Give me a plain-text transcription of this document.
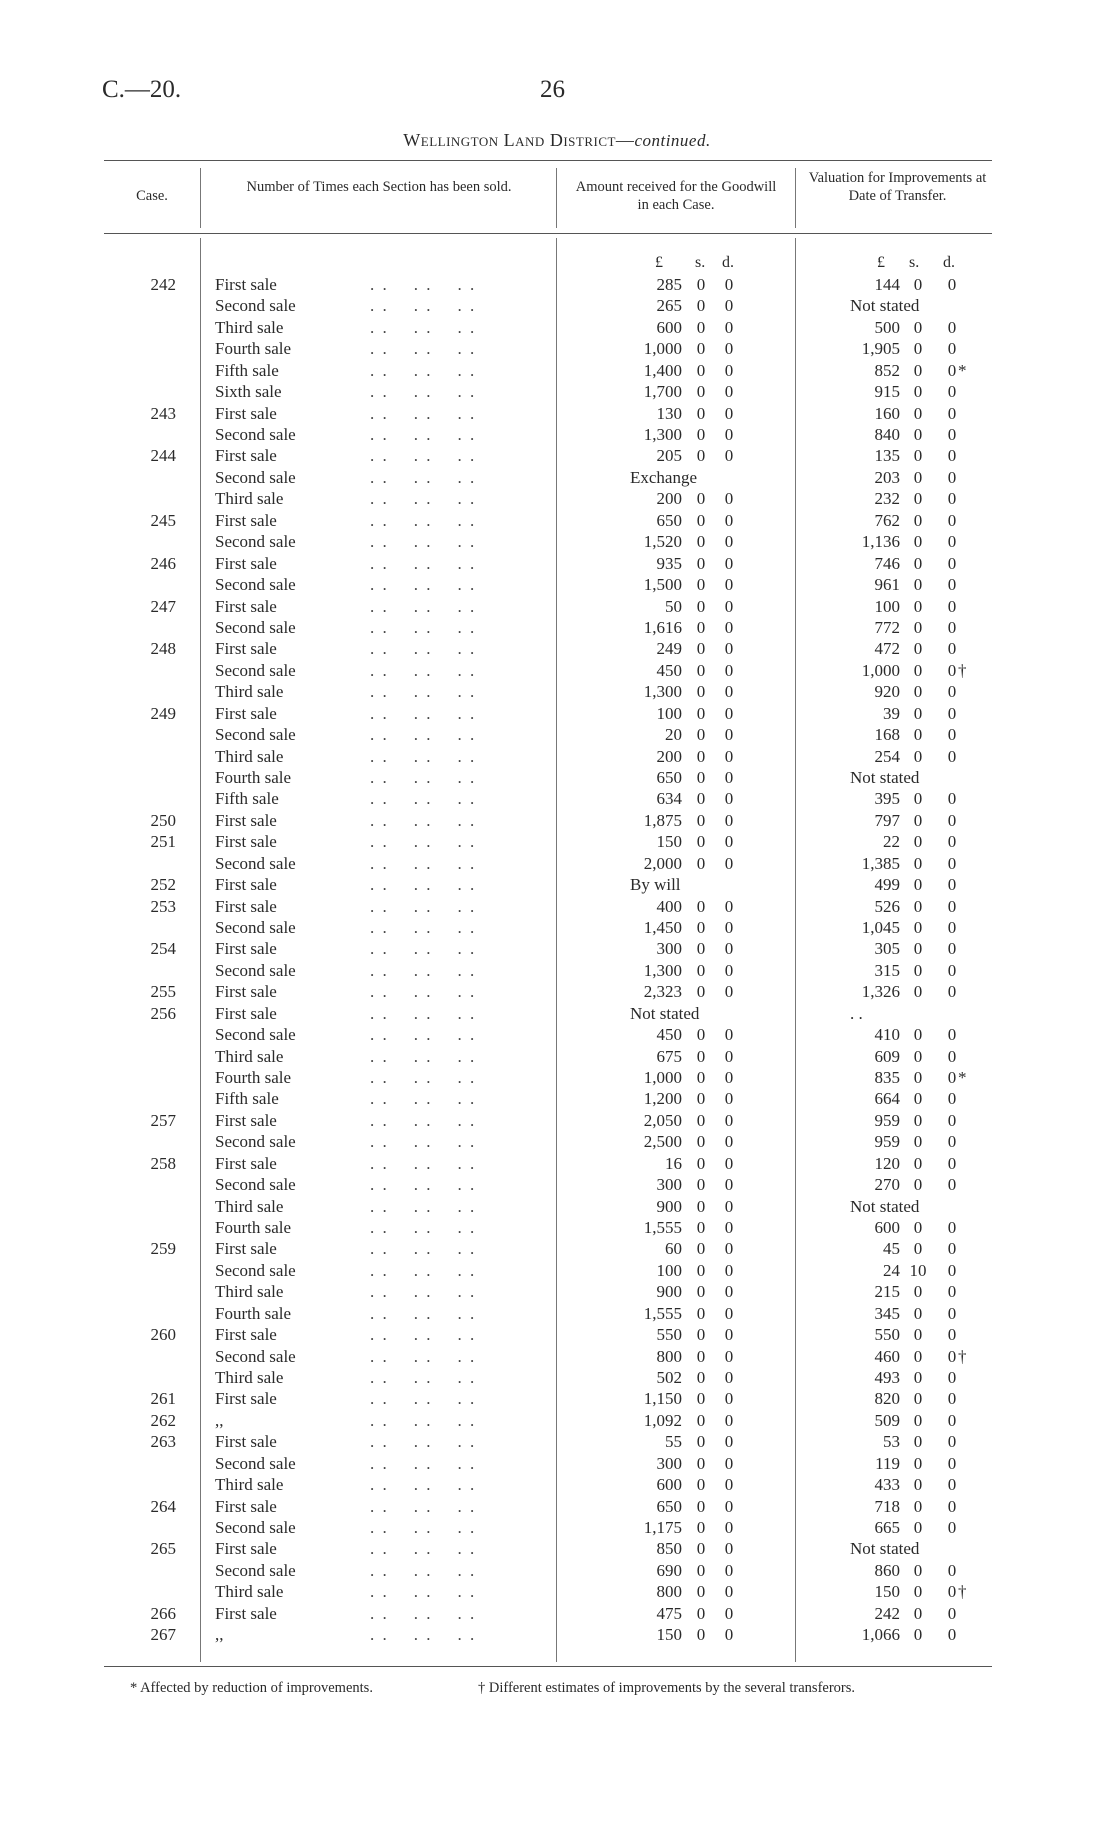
C.—20.	26
Wellington Land District—continued.
Case.
Number of Times each Section has been sold.	Amount received for the Goodwill in each Case.
Valuation for Improvements at Date of Transfer.
£ s. d.	£ s. d.
242 First sale	. .    . .    . .	285 0 0	144 0	0
Second sale	. .    . .    . .	265 0 0	Not stated
Third sale	. .    . .    . .	600 0 0	500 0	0
Fourth sale	. .    . .    . .	1,000 0 0	1,905 0	0
Fifth sale	. .    . .    . .	1,400 0 0	852 0	0 *
Sixth sale	. .    . .    . .	1,700 0 0	915 0	0
243 First sale	. .    . .    . .	130 0 0	160 0	0
Second sale	. .    . .    . .	1,300 0 0	840 0	0
244 First sale	. .    . .    . .	205 0 0	135 0	0
Second sale	. .    . .    . .	Exchange	203 0	0
Third sale	. .    . .    . .	200 0 0	232 0	0
245 First sale	. .    . .    . .	650 0 0	762 0	0
Second sale	. .    . .    . .	1,520 0 0	1,136 0	0
246 First sale	. .    . .    . .	935 0 0	746 0	0
Second sale	. .    . .    . .	1,500 0 0	961 0	0
247 First sale	. .    . .    . .	50 0 0	100 0	0
Second sale	. .    . .    . .	1,616 0 0	772 0	0
248 First sale	. .    . .    . .	249 0 0	472 0	0
Second sale	. .    . .    . .	450 0 0	1,000 0	0 †
Third sale	. .    . .    . .	1,300 0 0	920 0	0
249 First sale	. .    . .    . .	100 0 0	39 0	0
Second sale	. .    . .    . .	20 0 0	168 0	0
Third sale	. .    . .    . .	200 0 0	254 0	0
Fourth sale	. .    . .    . .	650 0 0	Not stated
Fifth sale	. .    . .    . .	634 0 0	395 0	0
250 First sale	. .    . .    . .	1,875 0 0	797 0	0
251 First sale	. .    . .    . .	150 0 0	22 0	0
Second sale	. .    . .    . .	2,000 0 0	1,385 0	0
252 First sale	. .    . .    . .	By will	499 0	0
253 First sale	. .    . .    . .	400 0 0	526 0	0
Second sale	. .    . .    . .	1,450 0 0	1,045 0	0
254 First sale	. .    . .    . .	300 0 0	305 0	0
Second sale	. .    . .    . .	1,300 0 0	315 0	0
255 First sale	. .    . .    . .	2,323 0 0	1,326 0	0
256 First sale	. .    . .    . .	Not stated	. .
Second sale	. .    . .    . .	450 0 0	410 0	0
Third sale	. .    . .    . .	675 0 0	609 0	0
Fourth sale	. .    . .    . .	1,000 0 0	835 0	0 *
Fifth sale	. .    . .    . .	1,200 0 0	664 0	0
257 First sale	. .    . .    . .	2,050 0 0	959 0	0
Second sale	. .    . .    . .	2,500 0 0	959 0	0
258 First sale	. .    . .    . .	16 0 0	120 0	0
Second sale	. .    . .    . .	300 0 0	270 0	0
Third sale	. .    . .    . .	900 0 0	Not stated
Fourth sale	. .    . .    . .	1,555 0 0	600 0	0
259 First sale	. .    . .    . .	60 0 0	45 0	0
Second sale	. .    . .    . .	100 0 0	24 10 0
Third sale	. .    . .    . .	900 0 0	215 0	0
Fourth sale	. .    . .    . .	1,555 0 0	345 0	0
260 First sale	. .    . .    . .	550 0 0	550 0	0
Second sale	. .    . .    . .	800 0 0	460 0	0 †
Third sale	. .    . .    . .	502 0 0	493 0	0
261 First sale	. .    . .    . .	1,150 0 0	820 0	0
262 ,,	. .    . .    . .	1,092 0 0	509 0	0
263 First sale	. .    . .    . .	55 0 0	53 0	0
Second sale	. .    . .    . .	300 0 0	119 0	0
Third sale	. .    . .    . .	600 0 0	433 0	0
264 First sale	. .    . .    . .	650 0 0	718 0	0
Second sale	. .    . .    . .	1,175 0 0	665 0	0
265 First sale	. .    . .    . .	850 0 0	Not stated
Second sale	. .    . .    . .	690 0 0	860 0	0
Third sale	. .    . .    . .	800 0 0	150 0	0 †
266 First sale	. .    . .    . .	475 0 0	242 0	0
267 ,,	. .    . .    . .	150 0 0	1,066 0	0
* Affected by reduction of improvements.	† Different estimates of improvements by the several transferors.
